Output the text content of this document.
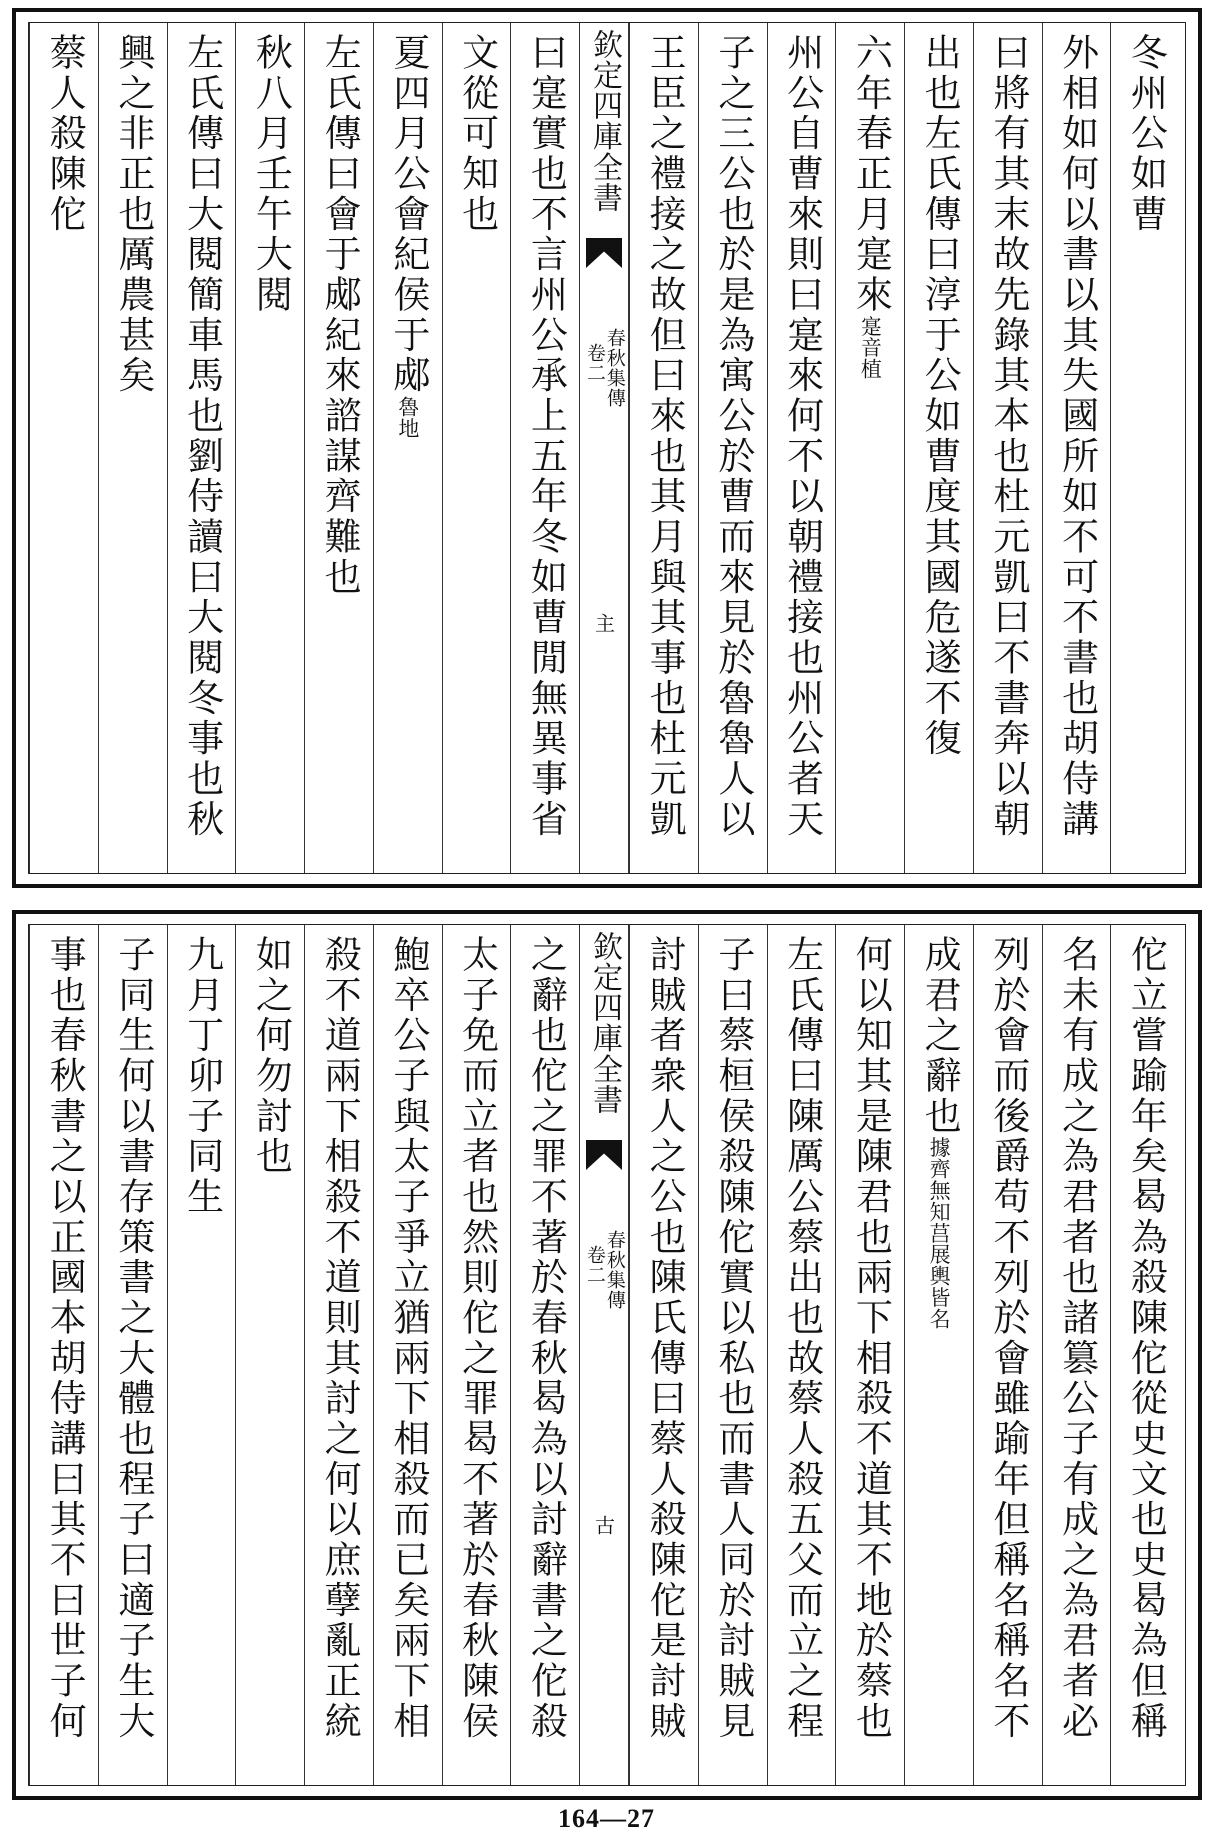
冬州公如曹
外相如何以書以其失國所如不可不書也胡侍講
曰將有其末故先錄其本也杜元凱曰不書奔以朝
出也左氏傳曰淳于公如曹度其國危遂不復
六年春正月寔來寔音植
州公自曹來則曰寔來何不以朝禮接也州公者天
子之三公也於是為寓公於曹而來見於魯魯人以
王臣之禮接之故但曰來也其月與其事也杜元凱
欽定四庫全書
春秋集傳
卷二
主
曰寔實也不言州公承上五年冬如曹閒無異事省
文從可知也
夏四月公會紀侯于郕魯地
左氏傳曰會于郕紀來諮謀齊難也
秋八月壬午大閱
左氏傳曰大閱簡車馬也劉侍讀曰大閱冬事也秋
興之非正也厲農甚矣
蔡人殺陳佗
佗立嘗踰年矣曷為殺陳佗從史文也史曷為但稱
名未有成之為君者也諸篡公子有成之為君者必
列於會而後爵苟不列於會雖踰年但稱名稱名不
成君之辭也據齊無知莒展輿皆名
何以知其是陳君也兩下相殺不道其不地於蔡也
左氏傳曰陳厲公蔡出也故蔡人殺五父而立之程
子曰蔡桓侯殺陳佗實以私也而書人同於討賊見
討賊者衆人之公也陳氏傳曰蔡人殺陳佗是討賊
欽定四庫全書
春秋集傳
卷二
古
之辭也佗之罪不著於春秋曷為以討辭書之佗殺
太子免而立者也然則佗之罪曷不著於春秋陳侯
鮑卒公子與太子爭立猶兩下相殺而已矣兩下相
殺不道兩下相殺不道則其討之何以庶孽亂正統
如之何勿討也
九月丁卯子同生
子同生何以書存策書之大體也程子曰適子生大
事也春秋書之以正國本胡侍講曰其不曰世子何
164—27
